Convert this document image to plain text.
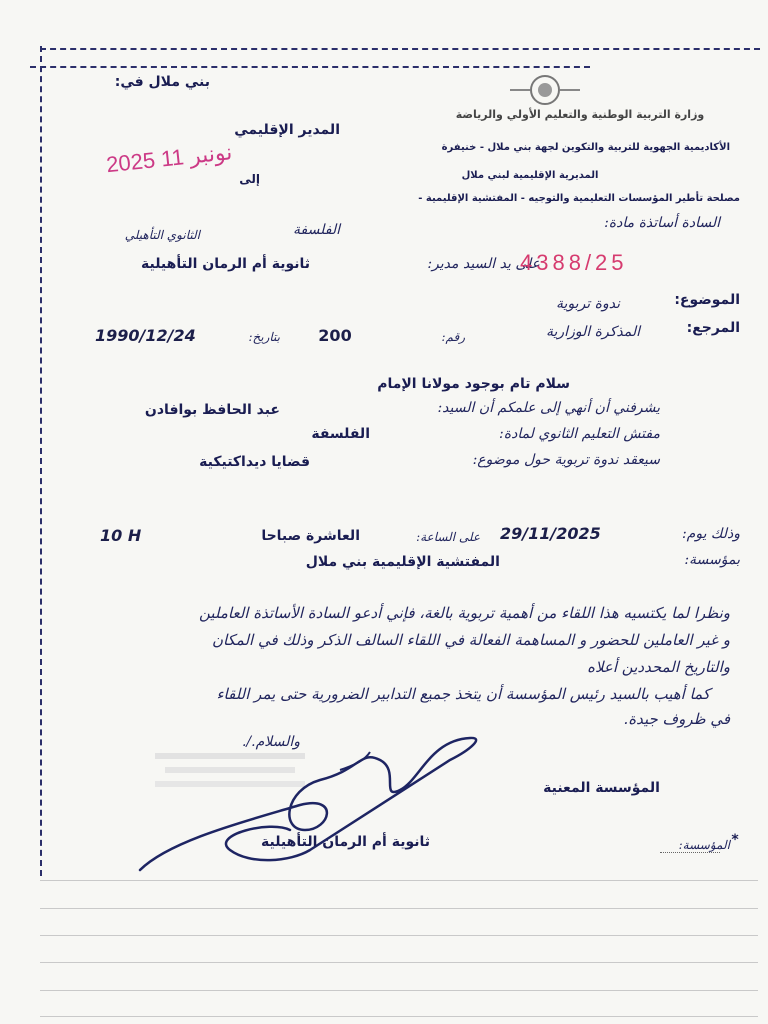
وزارة التربية الوطنية والتعليم الأولي والرياضة
الأكاديمية الجهوية للتربية والتكوين لجهة بني ملال - خنيفرة
المديرية الإقليمية لبني ملال
مصلحة تأطير المؤسسات التعليمية والتوجيه - المفتشية الإقليمية -
بني ملال في:
المدير الإقليمي
2025 نونبر 11
إلى
السادة أساتذة مادة:
الفلسفة
الثانوي التأهيلي
على يد السيد مدير:
ثانوية أم الرمان التأهيلية	4388/25
الموضوع:
ندوة تربوية
المرجع:
المذكرة الوزارية
رقم:
200
بتاريخ:
1990/12/24
سلام تام بوجود مولانا الإمام
يشرفني أن أنهي إلى علمكم أن السيد:
عبد الحافظ بوافادن
مفتش التعليم الثانوي لمادة:
الفلسفة
سيعقد ندوة تربوية حول موضوع:
قضايا ديداكتيكية
وذلك يوم:
29/11/2025
على الساعة:
العاشرة صباحا
10 H
بمؤسسة:
المفتشية الإقليمية بني ملال
ونظرا لما يكتسيه هذا اللقاء من أهمية تربوية بالغة، فإني أدعو السادة الأساتذة العاملين
و غير العاملين للحضور و المساهمة الفعالة في اللقاء السالف الذكر وذلك في المكان
والتاريخ المحددين أعلاه
كما أهيب بالسيد رئيس المؤسسة أن يتخذ جميع التدابير الضرورية حتى يمر اللقاء
في ظروف جيدة.
والسلام./.
المؤسسة المعنية
ثانوية أم الرمان التأهيلية	المؤسسة: *
